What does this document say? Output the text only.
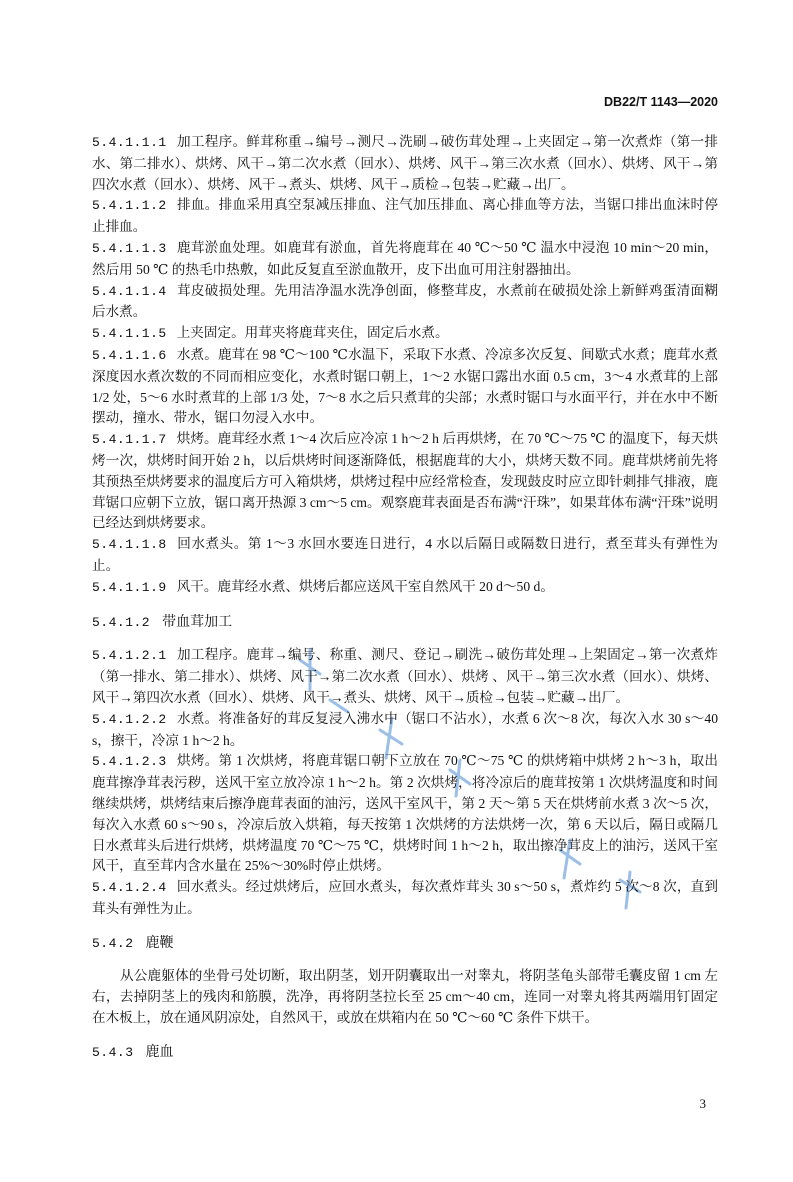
DB22/T 1143—2020
5.4.1.1.1 加工程序。鲜茸称重→编号→测尺→洗刷→破伤茸处理→上夹固定→第一次煮炸（第一排水、第二排水）、烘烤、风干→第二次水煮（回水）、烘烤、风干→第三次水煮（回水）、烘烤、风干→第四次水煮（回水）、烘烤、风干→煮头、烘烤、风干→质检→包装→贮藏→出厂。
5.4.1.1.2 排血。排血采用真空泵减压排血、注气加压排血、离心排血等方法，当锯口排出血沫时停止排血。
5.4.1.1.3 鹿茸淤血处理。如鹿茸有淤血，首先将鹿茸在 40 ℃～50 ℃ 温水中浸泡 10 min～20 min，然后用 50 ℃ 的热毛巾热敷，如此反复直至淤血散开，皮下出血可用注射器抽出。
5.4.1.1.4 茸皮破损处理。先用洁净温水洗净创面，修整茸皮，水煮前在破损处涂上新鲜鸡蛋清面糊后水煮。
5.4.1.1.5 上夹固定。用茸夹将鹿茸夹住，固定后水煮。
5.4.1.1.6 水煮。鹿茸在 98 ℃～100 ℃水温下，采取下水煮、冷凉多次反复、间歇式水煮；鹿茸水煮深度因水煮次数的不同而相应变化，水煮时锯口朝上，1～2 水锯口露出水面 0.5 cm，3～4 水煮茸的上部 1/2 处，5～6 水时煮茸的上部 1/3 处，7～8 水之后只煮茸的尖部；水煮时锯口与水面平行，并在水中不断摆动，撞水、带水，锯口勿浸入水中。
5.4.1.1.7 烘烤。鹿茸经水煮 1～4 次后应冷凉 1 h～2 h 后再烘烤，在 70 ℃～75 ℃ 的温度下，每天烘烤一次，烘烤时间开始 2 h，以后烘烤时间逐渐降低，根据鹿茸的大小，烘烤天数不同。鹿茸烘烤前先将其预热至烘烤要求的温度后方可入箱烘烤，烘烤过程中应经常检查，发现鼓皮时应立即针刺排气排液，鹿茸锯口应朝下立放，锯口离开热源 3 cm～5 cm。观察鹿茸表面是否布满“汗珠”，如果茸体布满“汗珠”说明已经达到烘烤要求。
5.4.1.1.8 回水煮头。第 1～3 水回水要连日进行，4 水以后隔日或隔数日进行，煮至茸头有弹性为止。
5.4.1.1.9 风干。鹿茸经水煮、烘烤后都应送风干室自然风干 20 d～50 d。
5.4.1.2 带血茸加工
5.4.1.2.1 加工程序。鹿茸→编号、称重、测尺、登记→刷洗→破伤茸处理→上架固定→第一次煮炸（第一排水、第二排水）、烘烤、风干→第二次水煮（回水）、烘烤 、风干→第三次水煮（回水）、烘烤、风干→第四次水煮（回水）、烘烤、风干→煮头、烘烤、风干→质检→包装→贮藏→出厂。
5.4.1.2.2 水煮。将准备好的茸反复浸入沸水中（锯口不沾水），水煮 6 次～8 次，每次入水 30 s～40 s，擦干，冷凉 1 h～2 h。
5.4.1.2.3 烘烤。第 1 次烘烤，将鹿茸锯口朝下立放在 70 ℃～75 ℃ 的烘烤箱中烘烤 2 h～3 h，取出鹿茸擦净茸表污秽，送风干室立放冷凉 1 h～2 h。第 2 次烘烤，将冷凉后的鹿茸按第 1 次烘烤温度和时间继续烘烤，烘烤结束后擦净鹿茸表面的油污，送风干室风干，第 2 天～第 5 天在烘烤前水煮 3 次～5 次，每次入水煮 60 s～90 s，冷凉后放入烘箱，每天按第 1 次烘烤的方法烘烤一次，第 6 天以后，隔日或隔几日水煮茸头后进行烘烤，烘烤温度 70 ℃～75 ℃，烘烤时间 1 h～2 h，取出擦净茸皮上的油污，送风干室风干，直至茸内含水量在 25%～30%时停止烘烤。
5.4.1.2.4 回水煮头。经过烘烤后，应回水煮头，每次煮炸茸头 30 s～50 s，煮炸约 5 次～8 次，直到茸头有弹性为止。
5.4.2 鹿鞭
从公鹿躯体的坐骨弓处切断，取出阴茎，划开阴囊取出一对睾丸，将阴茎龟头部带毛囊皮留 1 cm 左右，去掉阴茎上的残肉和筋膜，洗净，再将阴茎拉长至 25 cm～40 cm，连同一对睾丸将其两端用钉固定在木板上，放在通风阴凉处，自然风干，或放在烘箱内在 50 ℃～60 ℃ 条件下烘干。
5.4.3 鹿血
3
